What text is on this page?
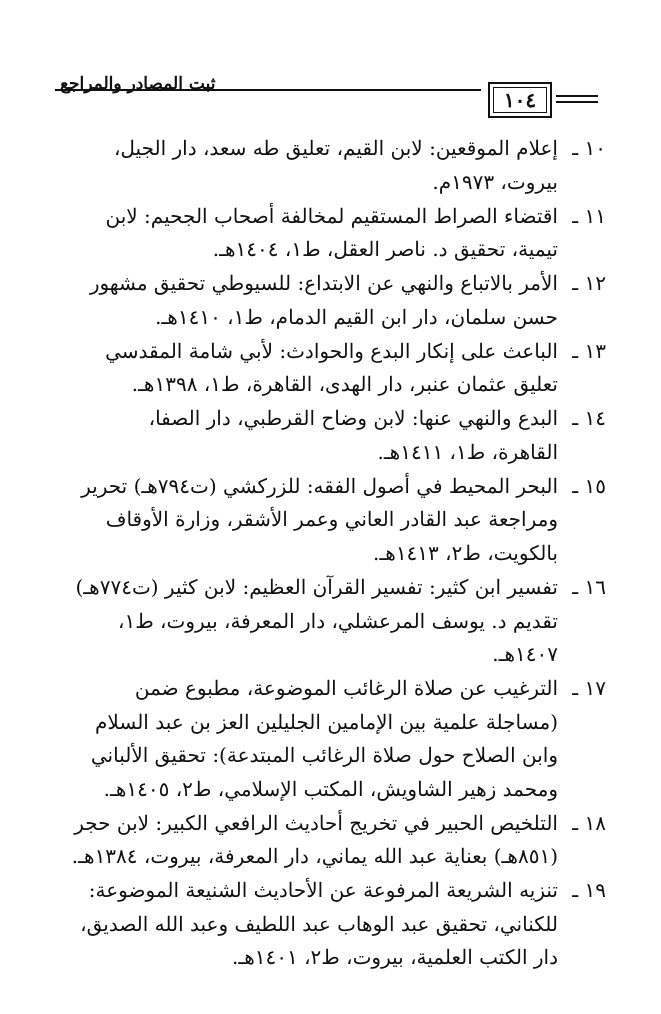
ثبت المصادر والمراجع
١٠٤
١٠ ـ
إعلام الموقعين: لابن القيم، تعليق طه سعد، دار الجيل،
بيروت، ١٩٧٣م.
١١ ـ
اقتضاء الصراط المستقيم لمخالفة أصحاب الجحيم: لابن
تيمية، تحقيق د. ناصر العقل، ط١، ١٤٠٤هـ.
١٢ ـ
الأمر بالاتباع والنهي عن الابتداع: للسيوطي تحقيق مشهور
حسن سلمان، دار ابن القيم الدمام، ط١، ١٤١٠هـ.
١٣ ـ
الباعث على إنكار البدع والحوادث: لأبي شامة المقدسي
تعليق عثمان عنبر، دار الهدى، القاهرة، ط١، ١٣٩٨هـ.
١٤ ـ
البدع والنهي عنها: لابن وضاح القرطبي، دار الصفا،
القاهرة، ط١، ١٤١١هـ.
١٥ ـ
البحر المحيط في أصول الفقه: للزركشي (ت٧٩٤هـ) تحرير
ومراجعة عبد القادر العاني وعمر الأشقر، وزارة الأوقاف
بالكويت، ط٢، ١٤١٣هـ.
١٦ ـ
تفسير ابن كثير: تفسير القرآن العظيم: لابن كثير (ت٧٧٤هـ)
تقديم د. يوسف المرعشلي، دار المعرفة، بيروت، ط١،
١٤٠٧هـ.
١٧ ـ
الترغيب عن صلاة الرغائب الموضوعة، مطبوع ضمن
(مساجلة علمية بين الإمامين الجليلين العز بن عبد السلام
وابن الصلاح حول صلاة الرغائب المبتدعة): تحقيق الألباني
ومحمد زهير الشاويش، المكتب الإسلامي، ط٢، ١٤٠٥هـ.
١٨ ـ
التلخيص الحبير في تخريج أحاديث الرافعي الكبير: لابن حجر
(٨٥١هـ) بعناية عبد الله يماني، دار المعرفة، بيروت، ١٣٨٤هـ.
١٩ ـ
تنزيه الشريعة المرفوعة عن الأحاديث الشنيعة الموضوعة:
للكناني، تحقيق عبد الوهاب عبد اللطيف وعبد الله الصديق،
دار الكتب العلمية، بيروت، ط٢، ١٤٠١هـ.
